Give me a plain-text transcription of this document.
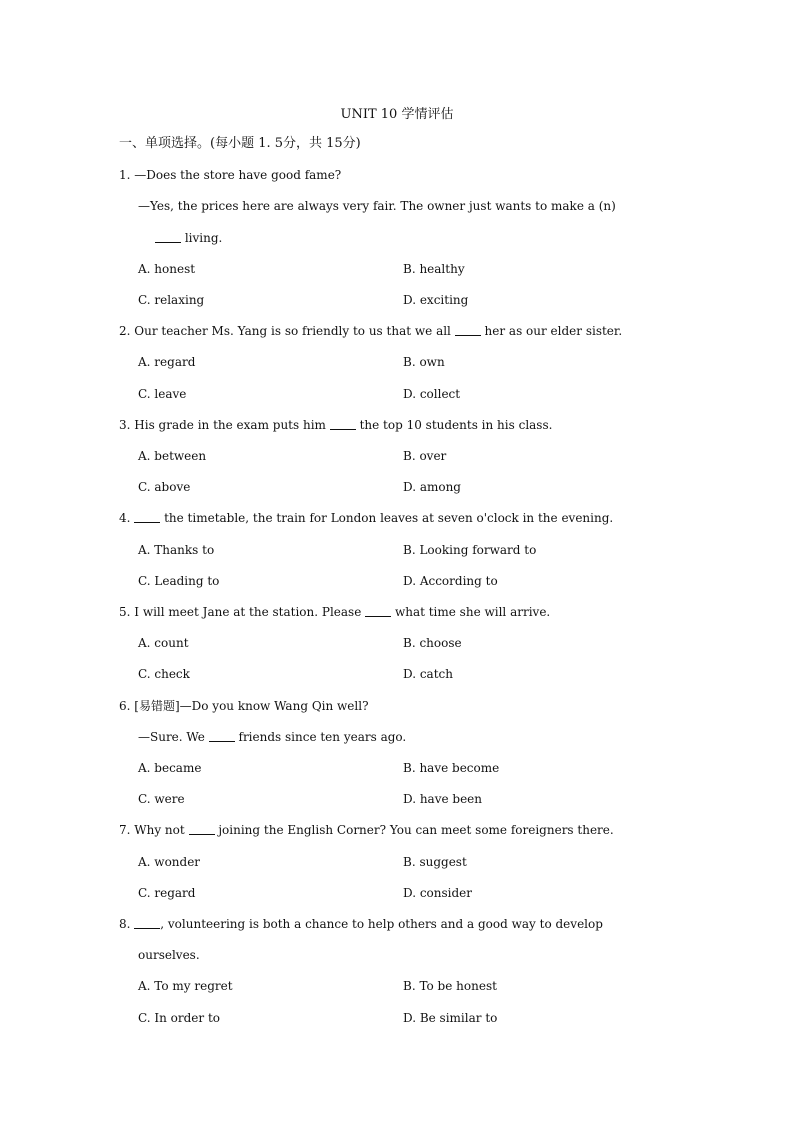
UNIT 10 学情评估
一、单项选择。(每小题 1. 5分，共 15分)
1. —Does the store have good fame?
—Yes, the prices here are always very fair. The owner just wants to make a (n)
living.
A. honest	B. healthy
C. relaxing	D. exciting
2. Our teacher Ms. Yang is so friendly to us that we all  her as our elder sister.
A. regard	B. own
C. leave	D. collect
3. His grade in the exam puts him  the top 10 students in his class.
A. between	B. over
C. above	D. among
4.  the timetable, the train for London leaves at seven o'clock in the evening.
A. Thanks to	B. Looking forward to
C. Leading to	D. According to
5. I will meet Jane at the station. Please  what time she will arrive.
A. count	B. choose
C. check	D. catch
6. [易错题]—Do you know Wang Qin well?
—Sure. We  friends since ten years ago.
A. became	B. have become
C. were	D. have been
7. Why not  joining the English Corner? You can meet some foreigners there.
A. wonder	B. suggest
C. regard	D. consider
8. , volunteering is both a chance to help others and a good way to develop
ourselves.
A. To my regret	B. To be honest
C. In order to	D. Be similar to
